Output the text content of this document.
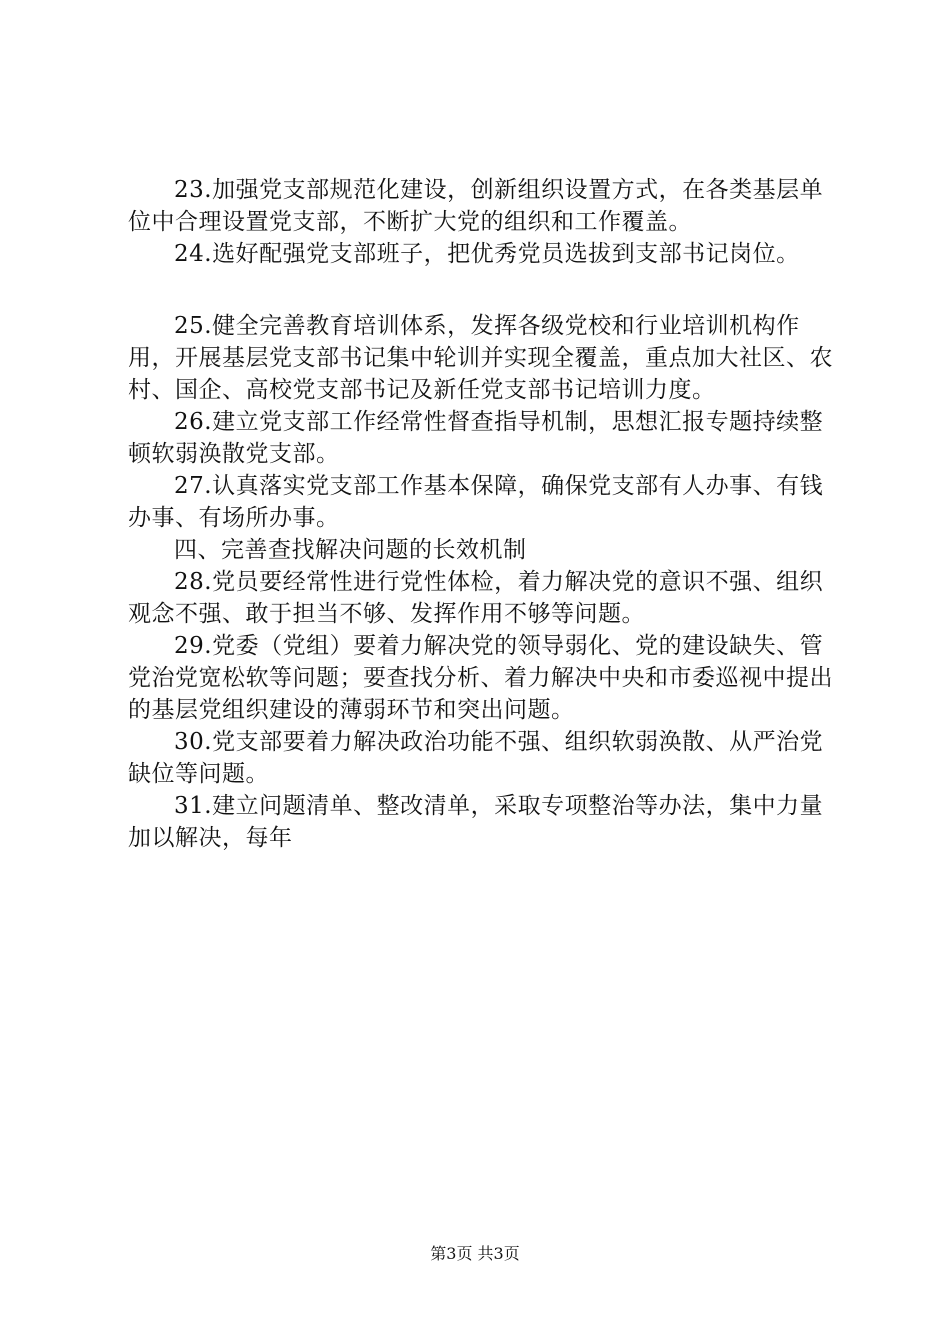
23.加强党支部规范化建设，创新组织设置方式，在各类基层单位中合理设置党支部，不断扩大党的组织和工作覆盖。

24.选好配强党支部班子，把优秀党员选拔到支部书记岗位。

25.健全完善教育培训体系，发挥各级党校和行业培训机构作用，开展基层党支部书记集中轮训并实现全覆盖，重点加大社区、农村、国企、高校党支部书记及新任党支部书记培训力度。

26.建立党支部工作经常性督查指导机制，思想汇报专题持续整顿软弱涣散党支部。

27.认真落实党支部工作基本保障，确保党支部有人办事、有钱办事、有场所办事。

四、完善查找解决问题的长效机制

28.党员要经常性进行党性体检，着力解决党的意识不强、组织观念不强、敢于担当不够、发挥作用不够等问题。

29.党委（党组）要着力解决党的领导弱化、党的建设缺失、管党治党宽松软等问题；要查找分析、着力解决中央和市委巡视中提出的基层党组织建设的薄弱环节和突出问题。

30.党支部要着力解决政治功能不强、组织软弱涣散、从严治党缺位等问题。

31.建立问题清单、整改清单，采取专项整治等办法，集中力量加以解决，每年

第3页 共3页
